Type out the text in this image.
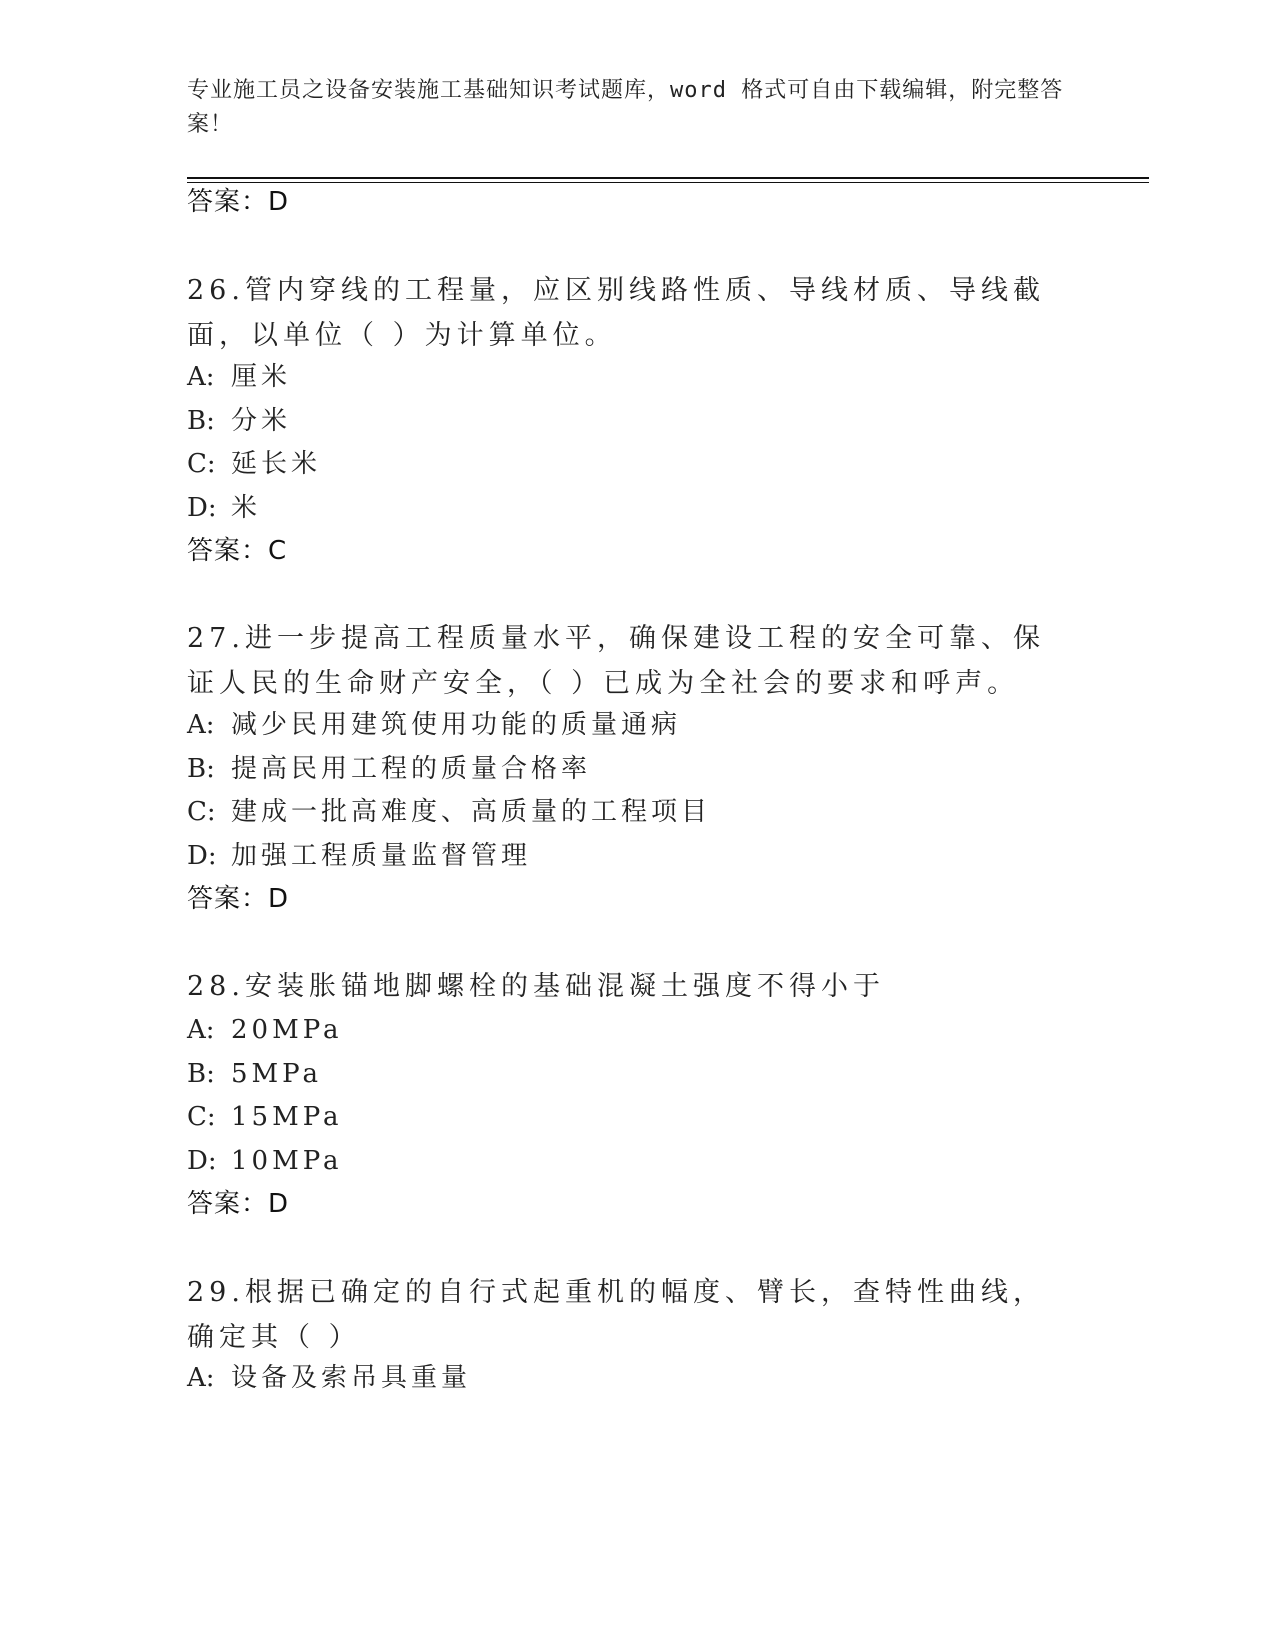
专业施工员之设备安装施工基础知识考试题库，word 格式可自由下载编辑，附完整答案！
答案：D
26.管内穿线的工程量，应区别线路性质、导线材质、导线截面，以单位（ ）为计算单位。
A: 厘米
B: 分米
C: 延长米
D: 米
答案：C
27.进一步提高工程质量水平，确保建设工程的安全可靠、保证人民的生命财产安全，（ ）已成为全社会的要求和呼声。
A: 减少民用建筑使用功能的质量通病
B: 提高民用工程的质量合格率
C: 建成一批高难度、高质量的工程项目
D: 加强工程质量监督管理
答案：D
28.安装胀锚地脚螺栓的基础混凝土强度不得小于
A: 20MPa
B: 5MPa
C: 15MPa
D: 10MPa
答案：D
29.根据已确定的自行式起重机的幅度、臂长，查特性曲线，确定其（ ）
A: 设备及索吊具重量
